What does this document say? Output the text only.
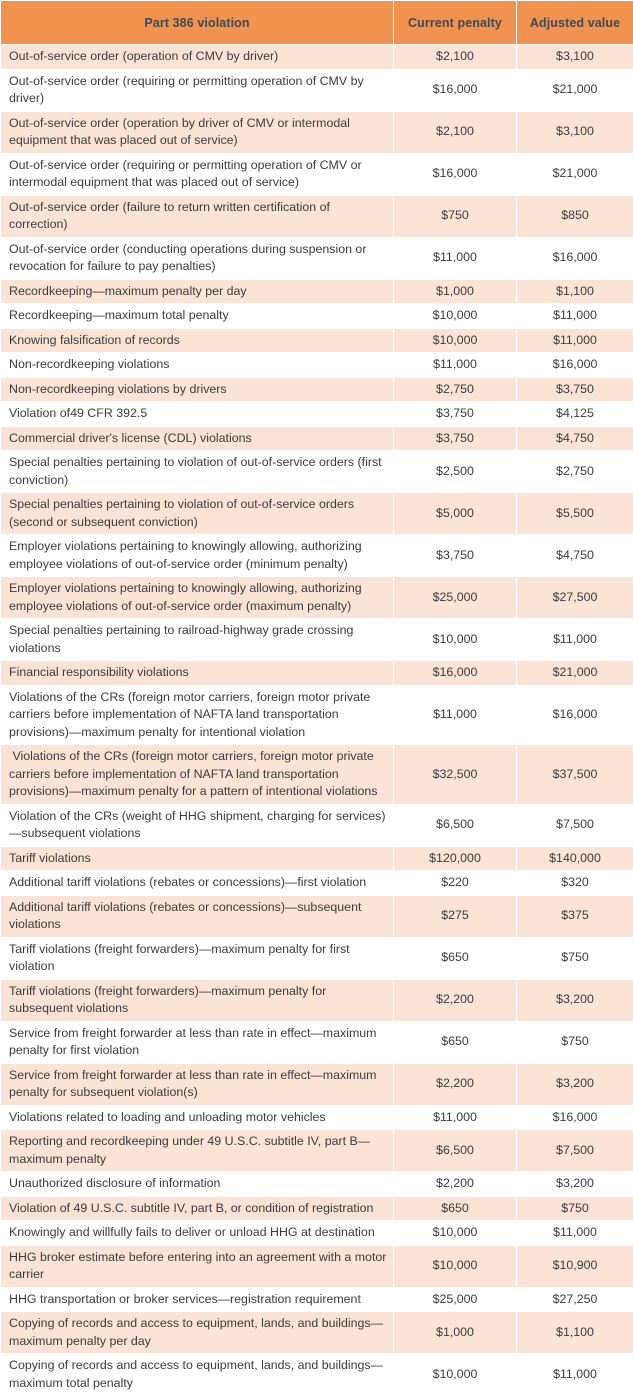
Part 386 violation	Current penalty	Adjusted value

Out-of-service order (operation of CMV by driver)	$2,100	$3,100

Out-of-service order (requiring or permitting operation of CMV by driver)	$16,000	$21,000

Out-of-service order (operation by driver of CMV or intermodal equipment that was placed out of service)	$2,100	$3,100

Out-of-service order (requiring or permitting operation of CMV or intermodal equipment that was placed out of service)	$16,000	$21,000

Out-of-service order (failure to return written certification of correction)	$750	$850

Out-of-service order (conducting operations during suspension or revocation for failure to pay penalties)	$11,000	$16,000

Recordkeeping—maximum penalty per day	$1,000	$1,100

Recordkeeping—maximum total penalty	$10,000	$11,000

Knowing falsification of records	$10,000	$11,000

Non-recordkeeping violations	$11,000	$16,000

Non-recordkeeping violations by drivers	$2,750	$3,750

Violation of49 CFR 392.5	$3,750	$4,125

Commercial driver's license (CDL) violations	$3,750	$4,750

Special penalties pertaining to violation of out-of-service orders (first conviction)	$2,500	$2,750

Special penalties pertaining to violation of out-of-service orders (second or subsequent conviction)	$5,000	$5,500

Employer violations pertaining to knowingly allowing, authorizing employee violations of out-of-service order (minimum penalty)	$3,750	$4,750

Employer violations pertaining to knowingly allowing, authorizing employee violations of out-of-service order (maximum penalty)	$25,000	$27,500

Special penalties pertaining to railroad-highway grade crossing violations	$10,000	$11,000

Financial responsibility violations	$16,000	$21,000

Violations of the CRs (foreign motor carriers, foreign motor private carriers before implementation of NAFTA land transportation provisions)—maximum penalty for intentional violation	$11,000	$16,000

Violations of the CRs (foreign motor carriers, foreign motor private carriers before implementation of NAFTA land transportation provisions)—maximum penalty for a pattern of intentional violations	$32,500	$37,500

Violation of the CRs (weight of HHG shipment, charging for services)—subsequent violations	$6,500	$7,500

Tariff violations	$120,000	$140,000

Additional tariff violations (rebates or concessions)—first violation	$220	$320

Additional tariff violations (rebates or concessions)—subsequent violations	$275	$375

Tariff violations (freight forwarders)—maximum penalty for first violation	$650	$750

Tariff violations (freight forwarders)—maximum penalty for subsequent violations	$2,200	$3,200

Service from freight forwarder at less than rate in effect—maximum penalty for first violation	$650	$750

Service from freight forwarder at less than rate in effect—maximum penalty for subsequent violation(s)	$2,200	$3,200

Violations related to loading and unloading motor vehicles	$11,000	$16,000

Reporting and recordkeeping under 49 U.S.C. subtitle IV, part B—maximum penalty	$6,500	$7,500

Unauthorized disclosure of information	$2,200	$3,200

Violation of 49 U.S.C. subtitle IV, part B, or condition of registration	$650	$750

Knowingly and willfully fails to deliver or unload HHG at destination	$10,000	$11,000

HHG broker estimate before entering into an agreement with a motor carrier	$10,000	$10,900

HHG transportation or broker services—registration requirement	$25,000	$27,250

Copying of records and access to equipment, lands, and buildings—maximum penalty per day	$1,000	$1,100

Copying of records and access to equipment, lands, and buildings—maximum total penalty	$10,000	$11,000
